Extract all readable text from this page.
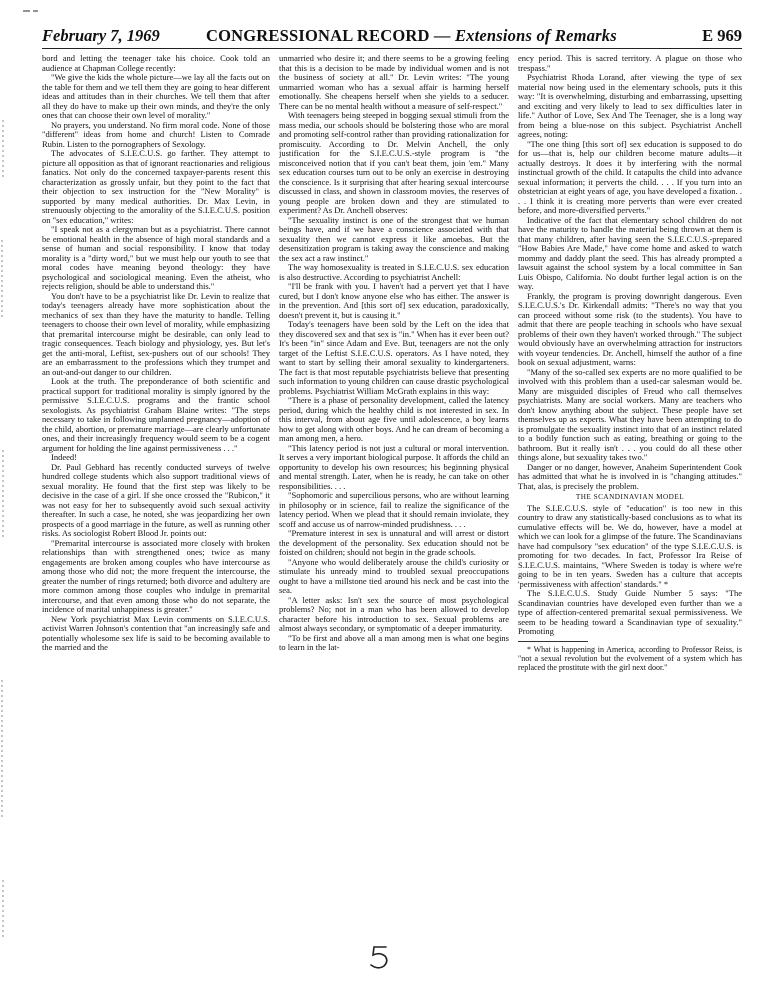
February 7, 1969	CONGRESSIONAL RECORD — Extensions of Remarks	E 969

bord and letting the teenager take his choice. Cook told an audience at Chapman College recently:

"We give the kids the whole picture—we lay all the facts out on the table for them and we tell them they are going to hear different ideas and attitudes than in their churches. We tell them that after all they do have to make up their own minds, and they're the only ones that can choose their own level of morality."

No prayers, you understand. No firm moral code. None of those "different" ideas from home and church! Listen to Comrade Rubin. Listen to the pornographers of Sexology.

The advocates of S.I.E.C.U.S. go farther. They attempt to picture all opposition as that of ignorant reactionaries and religious fanatics. Not only do the concerned taxpayer-parents resent this characterization as grossly unfair, but they point to the fact that their objection to sex instruction for the "New Morality" is supported by many medical authorities. Dr. Max Levin, in strenuously objecting to the amorality of the S.I.E.C.U.S. position on "sex education," writes:

"I speak not as a clergyman but as a psychiatrist. There cannot be emotional health in the absence of high moral standards and a sense of human and social responsibility. I know that today morality is a "dirty word," but we must help our youth to see that moral codes have meaning beyond theology: they have psychological and sociological meaning. Even the atheist, who rejects religion, should be able to understand this."

You don't have to be a psychiatrist like Dr. Levin to realize that today's teenagers already have more sophistication about the mechanics of sex than they have the maturity to handle. Telling teenagers to choose their own level of morality, while emphasizing that premarital intercourse might be desirable, can only lead to tragic consequences. Teach biology and physiology, yes. But let's get the anti-moral, Leftist, sex-pushers out of our schools! They are an embarrassment to the professions which they trumpet and an out-and-out danger to our children.

Look at the truth. The preponderance of both scientific and practical support for traditional morality is simply ignored by the permissive S.I.E.C.U.S. programs and the frantic school sexologists. As psychiatrist Graham Blaine writes: "The steps necessary to take in following unplanned pregnancy—adoption of the child, abortion, or premature marriage—are clearly unfortunate ones, and their increasingly frequency would seem to be a cogent argument for holding the line against permissiveness . . ."

Indeed!

Dr. Paul Gebhard has recently conducted surveys of twelve hundred college students which also support traditional views of sexual morality. He found that the first step was likely to be decisive in the case of a girl. If she once crossed the "Rubicon," it was not easy for her to subsequently avoid such sexual activity thereafter. In such a case, he noted, she was jeopardizing her own prospects of a good marriage in the future, as well as running other risks. As sociologist Robert Blood Jr. points out:

"Premarital intercourse is associated more closely with broken relationships than with strengthened ones; twice as many engagements are broken among couples who have intercourse as among those who did not; the more frequent the intercourse, the greater the number of rings returned; both divorce and adultery are more common among those couples who indulge in premarital intercourse, and that even among those who do not separate, the incidence of marital unhappiness is greater."

New York psychiatrist Max Levin comments on S.I.E.C.U.S. activist Warren Johnson's contention that "an increasingly safe and potentially wholesome sex life is said to be becoming available to the married and the

unmarried who desire it; and there seems to be a growing feeling that this is a decision to be made by individual women and is not the business of society at all." Dr. Levin writes: "The young unmarried woman who has a sexual affair is harming herself emotionally. She cheapens herself when she yields to a seducer. There can be no mental health without a measure of self-respect."

With teenagers being steeped in bogging sexual stimuli from the mass media, our schools should be bolstering those who are moral and promoting self-control rather than providing rationalization for promiscuity. According to Dr. Melvin Anchell, the only justification for the S.I.E.C.U.S.-style program is "the misconceived notion that if you can't beat them, join 'em." Many sex education courses turn out to be only an exercise in destroying the conscience. Is it surprising that after hearing sexual intercourse discussed in class, and shown in classroom movies, the reserves of young people are broken down and they are stimulated to experiment? As Dr. Anchell observes:

"The sexuality instinct is one of the strongest that we human beings have, and if we have a conscience associated with that sexuality then we cannot express it like amoebas. But the desensitization program is taking away the conscience and making the sex act a raw instinct."

The way homosexuality is treated in S.I.E.C.U.S. sex education is also destructive. According to psychiatrist Anchell:

"I'll be frank with you. I haven't had a pervert yet that I have cured, but I don't know anyone else who has either. The answer is in the prevention. And [this sort of] sex education, paradoxically, doesn't prevent it, but is causing it."

Today's teenagers have been sold by the Left on the idea that they discovered sex and that sex is "in." When has it ever been out? It's been "in" since Adam and Eve. But, teenagers are not the only target of the Leftist S.I.E.C.U.S. operators. As I have noted, they want to start by selling their amoral sexuality to kindergarteners. The fact is that most reputable psychiatrists believe that presenting such information to young children can cause drastic psychological problems. Psychiatrist William McGrath explains in this way:

"There is a phase of personality development, called the latency period, during which the healthy child is not interested in sex. In this interval, from about age five until adolescence, a boy learns how to get along with other boys. And he can dream of becoming a man among men, a hero.

"This latency period is not just a cultural or moral intervention. It serves a very important biological purpose. It affords the child an opportunity to develop his own resources; his beginning physical and mental strength. Later, when he is ready, he can take on other responsibilities. . . .

"Sophomoric and supercilious persons, who are without learning in philosophy or in science, fail to realize the significance of the latency period. When we plead that it should remain inviolate, they scoff and accuse us of narrow-minded prudishness. . . .

"Premature interest in sex is unnatural and will arrest or distort the development of the personality. Sex education should not be foisted on children; should not begin in the grade schools.

"Anyone who would deliberately arouse the child's curiosity or stimulate his unready mind to troubled sexual preoccupations ought to have a millstone tied around his neck and be cast into the sea.

"A letter asks: Isn't sex the source of most psychological problems? No; not in a man who has been allowed to develop character before his introduction to sex. Sexual problems are almost always secondary, or symptomatic of a deeper immaturity.

"To be first and above all a man among men is what one begins to learn in the lat-

ency period. This is sacred territory. A plague on those who trespass."

Psychiatrist Rhoda Lorand, after viewing the type of sex material now being used in the elementary schools, puts it this way: "It is overwhelming, disturbing and embarrassing, upsetting and exciting and very likely to lead to sex difficulties later in life." Author of Love, Sex And The Teenager, she is a long way from being a blue-nose on this subject. Psychiatrist Anchell agrees, noting:

"The one thing [this sort of] sex education is supposed to do for us—that is, help our children become mature adults—it actually destroys. It does it by interfering with the normal instinctual growth of the child. It catapults the child into advance sexual information; it perverts the child. . . . If you turn into an obstetrician at eight years of age, you have developed a fixation. . . . I think it is creating more perverts than were ever created before, and more-diversified perverts."

Indicative of the fact that elementary school children do not have the maturity to handle the material being thrown at them is that many children, after having seen the S.I.E.C.U.S.-prepared "How Babies Are Made," have come home and asked to watch mommy and daddy plant the seed. This has already prompted a lawsuit against the school system by a local committee in San Luis Obispo, California. No doubt further legal action is on the way.

Frankly, the program is proving downright dangerous. Even S.I.E.C.U.S.'s Dr. Kirkendall admits: "There's no way that you can proceed without some risk (to the students). You have to admit that there are people teaching in schools who have sexual problems of their own they haven't worked through." The subject would obviously have an overwhelming attraction for instructors with voyeur tendencies. Dr. Anchell, himself the author of a fine book on sexual adjustment, warns:

"Many of the so-called sex experts are no more qualified to be involved with this problem than a used-car salesman would be. Many are misguided disciples of Freud who call themselves psychiatrists. Many are social workers. Many are teachers who don't know anything about the subject. These people have set themselves up as experts. What they have been attempting to do is promulgate the sexuality instinct into that of an instinct related to a bodily function such as eating, breathing or going to the bathroom. But it really isn't . . . you could do all these other things alone, but sexuality takes two."

Danger or no danger, however, Anaheim Superintendent Cook has admitted that what he is involved in is "changing attitudes." That, alas, is precisely the problem.

THE SCANDINAVIAN MODEL

The S.I.E.C.U.S. style of "education" is too new in this country to draw any statistically-based conclusions as to what its cumulative effects will be. We do, however, have a model at which we can look for a glimpse of the future. The Scandinavians have had compulsory "sex education" of the type S.I.E.C.U.S. is promoting for two decades. In fact, Professor Ira Reise of S.I.E.C.U.S. maintains, "Where Sweden is today is where we're going to be in ten years. Sweden has a culture that accepts 'permissiveness with affection' standards." *

The S.I.E.C.U.S. Study Guide Number 5 says: "The Scandinavian countries have developed even further than we a type of affection-centered premarital sexual permissiveness. We seem to be heading toward a Scandinavian type of sexuality." Promoting

* What is happening in America, according to Professor Reiss, is "not a sexual revolution but the evolvement of a system which has replaced the prostitute with the girl next door."
